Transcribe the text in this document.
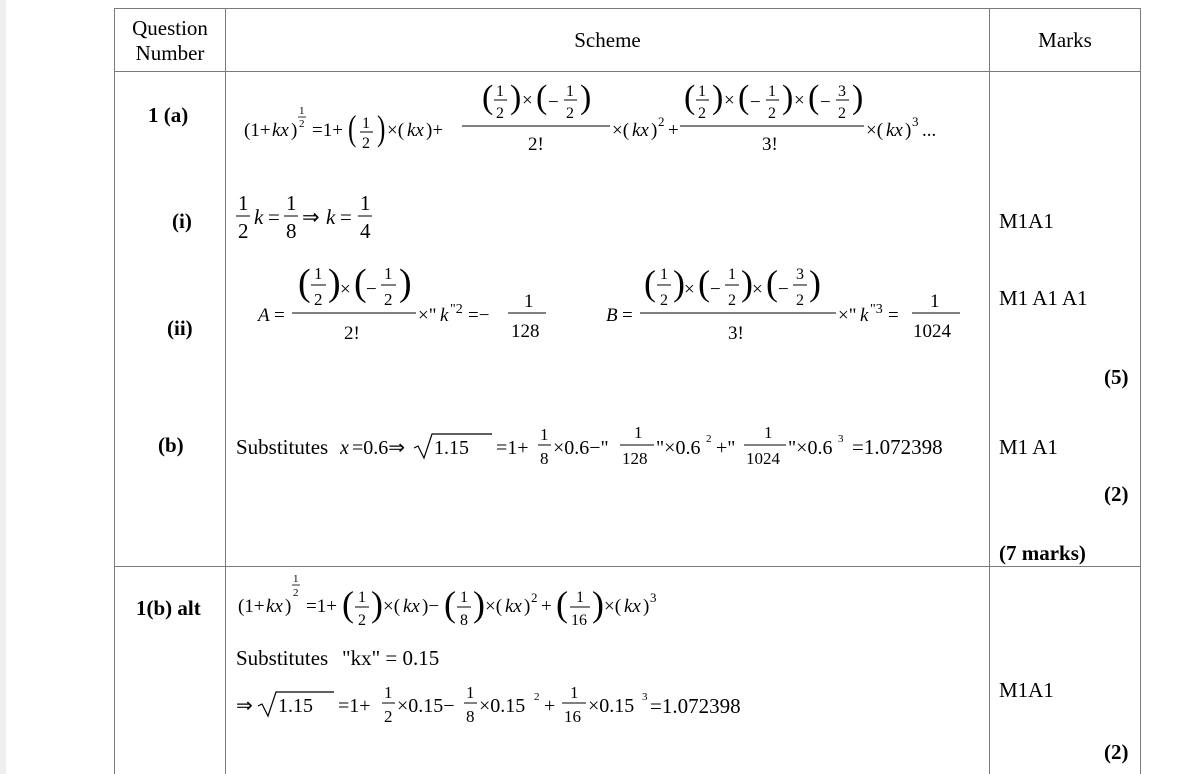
Question
Number
Scheme	Marks
1 (a)
(i)
(ii)
(b)
1(b) alt
M1A1
M1 A1 A1
(5)
M1 A1
(2)
(7 marks)
M1A1
(2)
(1+ kx )
1
2 =1+ ( 1
2 ) ×( kx )+
( 1
2 ) × ( −
1
2 )
2!
×( kx ) 2 +
( 1
2 ) × ( −
1
2 ) × ( −
3
2 )
3!
×( kx ) 3 ...
1
2
k =
1
8
⇒ k =
1
4
A =
( 1
2 ) × ( −
1
2 )
2!
×" k "2 =−
1
128
B =
( 1
2 ) × ( −
1
2 ) × ( −
3
2 )
3!
×" k "3 =
1
1024
Substitutes x =0.6⇒ 1.15 =1+
1
8 ×0.6−"
1
128 "×0.6 2 +"
1
1024 "×0.6 3 =1.072398
(1+ kx )
1
2
=1+ ( 1
2 ) ×( kx )− ( 1
8 ) ×( kx ) 2 + ( 1
16 ) ×( kx ) 3
Substitutes "kx" = 0.15
⇒ 1.15 =1+
1
2 ×0.15−
1
8 ×0.15 2 +
1
16 ×0.15 3 =1.072398
